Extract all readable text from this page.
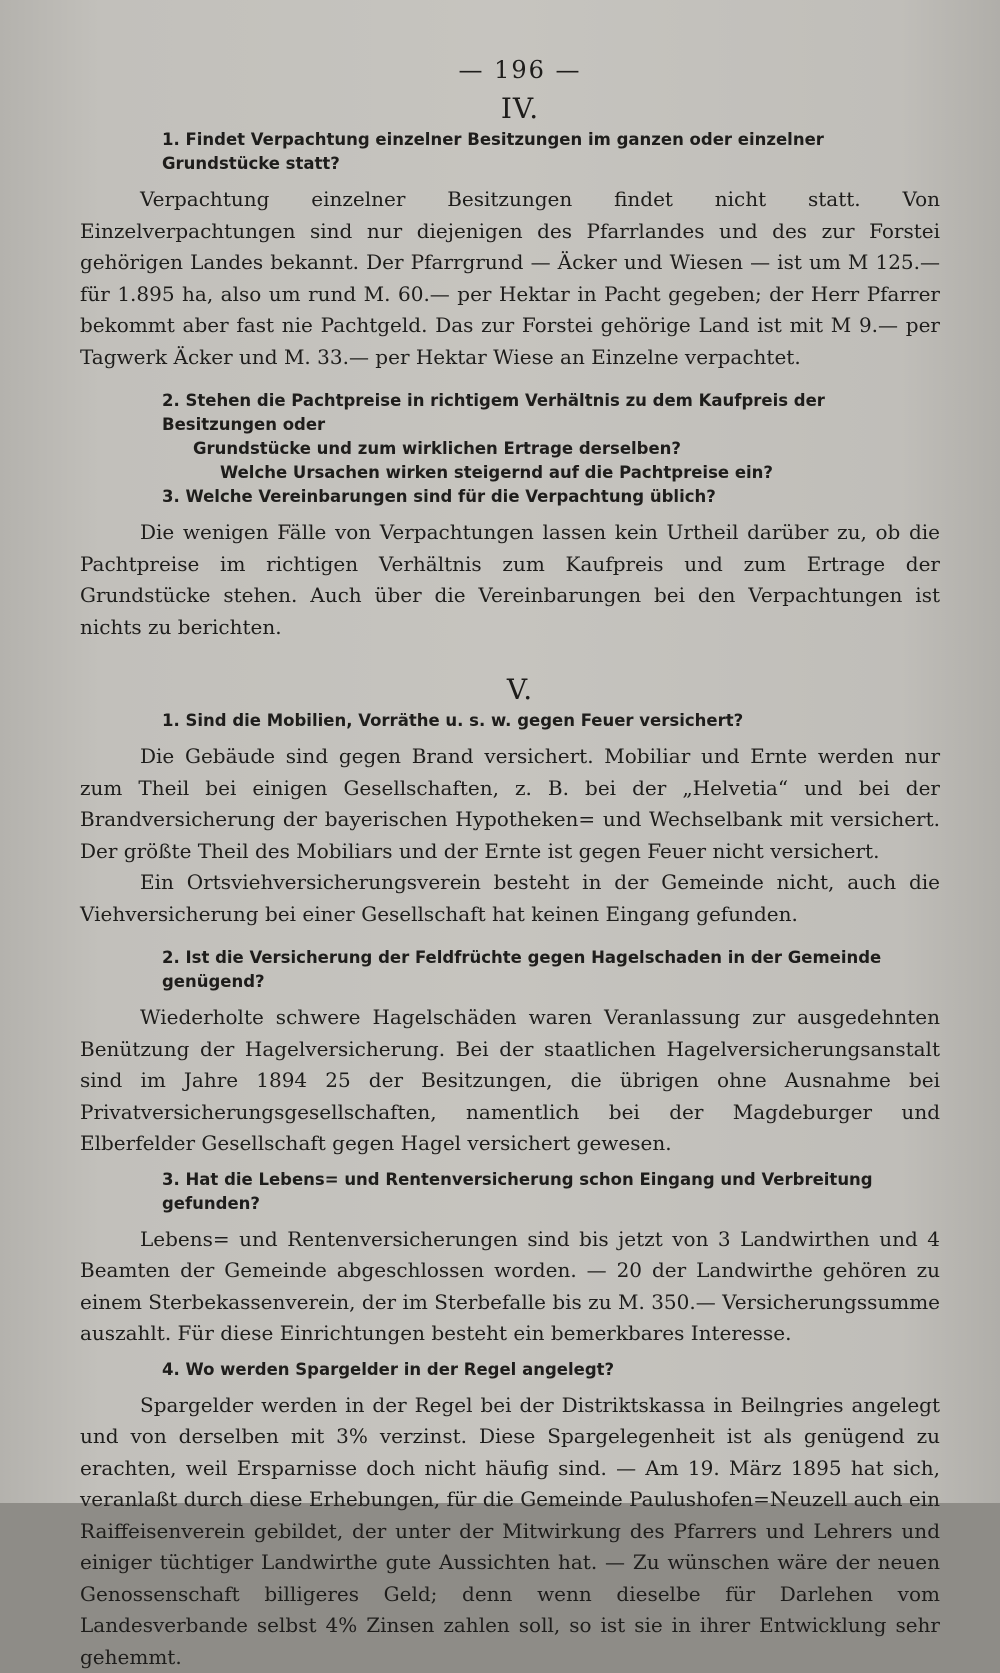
— 196 —
IV.

1. Findet Verpachtung einzelner Besitzungen im ganzen oder einzelner Grundstücke statt?

Verpachtung einzelner Besitzungen findet nicht statt. Von Einzelverpachtungen sind nur diejenigen des Pfarrlandes und des zur Forstei gehörigen Landes bekannt. Der Pfarrgrund — Äcker und Wiesen — ist um M 125.— für 1.895 ha, also um rund M. 60.— per Hektar in Pacht gegeben; der Herr Pfarrer bekommt aber fast nie Pachtgeld. Das zur Forstei gehörige Land ist mit M 9.— per Tagwerk Äcker und M. 33.— per Hektar Wiese an Einzelne verpachtet.

2. Stehen die Pachtpreise in richtigem Verhältnis zu dem Kaufpreis der Besitzungen oder

Grundstücke und zum wirklichen Ertrage derselben?

Welche Ursachen wirken steigernd auf die Pachtpreise ein?

3. Welche Vereinbarungen sind für die Verpachtung üblich?

Die wenigen Fälle von Verpachtungen lassen kein Urtheil darüber zu, ob die Pachtpreise im richtigen Verhältnis zum Kaufpreis und zum Ertrage der Grundstücke stehen. Auch über die Vereinbarungen bei den Verpachtungen ist nichts zu berichten.

V.

1. Sind die Mobilien, Vorräthe u. s. w. gegen Feuer versichert?

Die Gebäude sind gegen Brand versichert. Mobiliar und Ernte werden nur zum Theil bei einigen Gesellschaften, z. B. bei der „Helvetia“ und bei der Brandversicherung der bayerischen Hypotheken= und Wechselbank mit versichert. Der größte Theil des Mobiliars und der Ernte ist gegen Feuer nicht versichert.

Ein Ortsviehversicherungsverein besteht in der Gemeinde nicht, auch die Viehversicherung bei einer Gesellschaft hat keinen Eingang gefunden.

2. Ist die Versicherung der Feldfrüchte gegen Hagelschaden in der Gemeinde genügend?

Wiederholte schwere Hagelschäden waren Veranlassung zur ausgedehnten Benützung der Hagelversicherung. Bei der staatlichen Hagelversicherungsanstalt sind im Jahre 1894 25 der Besitzungen, die übrigen ohne Ausnahme bei Privatversicherungsgesellschaften, namentlich bei der Magdeburger und Elberfelder Gesellschaft gegen Hagel versichert gewesen.

3. Hat die Lebens= und Rentenversicherung schon Eingang und Verbreitung gefunden?

Lebens= und Rentenversicherungen sind bis jetzt von 3 Landwirthen und 4 Beamten der Gemeinde abgeschlossen worden. — 20 der Landwirthe gehören zu einem Sterbekassenverein, der im Sterbefalle bis zu M. 350.— Versicherungssumme auszahlt. Für diese Einrichtungen besteht ein bemerkbares Interesse.

4. Wo werden Spargelder in der Regel angelegt?

Spargelder werden in der Regel bei der Distriktskassa in Beilngries angelegt und von derselben mit 3% verzinst. Diese Spargelegenheit ist als genügend zu erachten, weil Ersparnisse doch nicht häufig sind. — Am 19. März 1895 hat sich, veranlaßt durch diese Erhebungen, für die Gemeinde Paulushofen=Neuzell auch ein Raiffeisenverein gebildet, der unter der Mitwirkung des Pfarrers und Lehrers und einiger tüchtiger Landwirthe gute Aussichten hat. — Zu wünschen wäre der neuen Genossenschaft billigeres Geld; denn wenn dieselbe für Darlehen vom Landesverbande selbst 4% Zinsen zahlen soll, so ist sie in ihrer Entwicklung sehr gehemmt.
